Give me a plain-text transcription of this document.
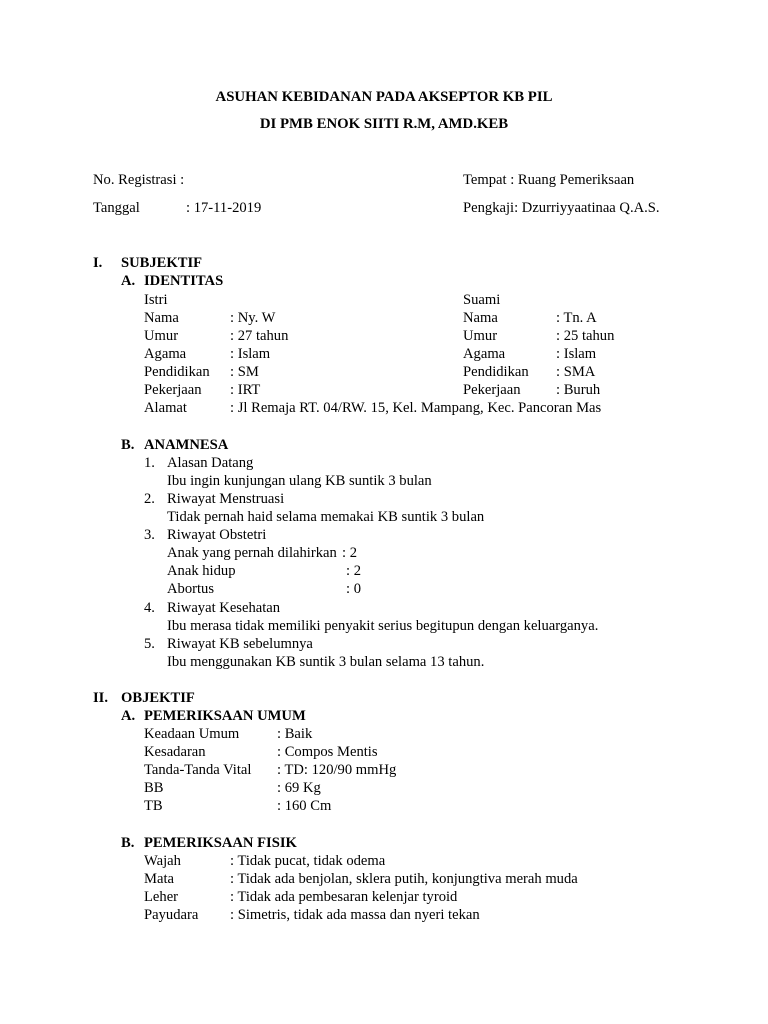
ASUHAN KEBIDANAN PADA AKSEPTOR KB PIL
DI PMB ENOK SIITI R.M, AMD.KEB
No. Registrasi :	Tempat : Ruang Pemeriksaan
Tanggal	: 17-11-2019	Pengkaji: Dzurriyyaatinaa Q.A.S.
I. SUBJEKTIF
A. IDENTITAS
Istri	Suami
Nama	: Ny. W	Nama	: Tn. A
Umur	: 27 tahun	Umur	: 25 tahun
Agama	: Islam	Agama	: Islam
Pendidikan : SM	Pendidikan : SMA
Pekerjaan : IRT	Pekerjaan : Buruh
Alamat	: Jl Remaja RT. 04/RW. 15, Kel. Mampang, Kec. Pancoran Mas
B. ANAMNESA
1. Alasan Datang
Ibu ingin kunjungan ulang KB suntik 3 bulan
2. Riwayat Menstruasi
Tidak pernah haid selama memakai KB suntik 3 bulan
3. Riwayat Obstetri
Anak yang pernah dilahirkan : 2
Anak hidup	: 2
Abortus	: 0
4. Riwayat Kesehatan
Ibu merasa tidak memiliki penyakit serius begitupun dengan keluarganya.
5. Riwayat KB sebelumnya
Ibu menggunakan KB suntik 3 bulan selama 13 tahun.
II. OBJEKTIF
A. PEMERIKSAAN UMUM
Keadaan Umum	: Baik
Kesadaran	: Compos Mentis
Tanda-Tanda Vital : TD: 120/90 mmHg
BB	: 69 Kg
TB	: 160 Cm
B. PEMERIKSAAN FISIK
Wajah	: Tidak pucat, tidak odema
Mata	: Tidak ada benjolan, sklera putih, konjungtiva merah muda
Leher	: Tidak ada pembesaran kelenjar tyroid
Payudara : Simetris, tidak ada massa dan nyeri tekan
